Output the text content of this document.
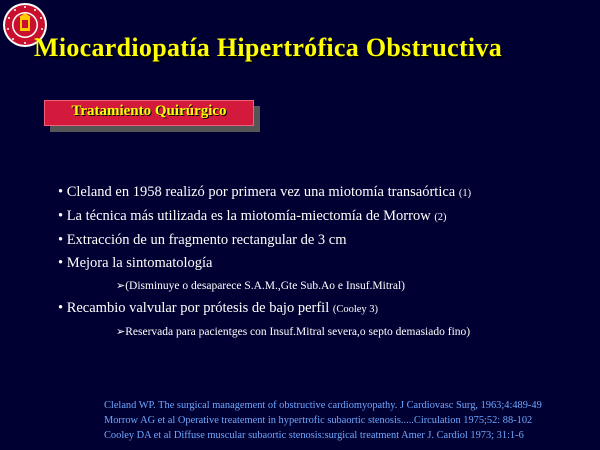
Miocardiopatía Hipertrófica Obstructiva
Tratamiento Quirúrgico
• Cleland en 1958 realizó por primera vez una miotomía transaórtica (1)
• La técnica más utilizada es la miotomía-miectomía de Morrow (2)
• Extracción de un fragmento rectangular de 3 cm
• Mejora la sintomatología
➢(Disminuye o desaparece S.A.M.,Gte Sub.Ao e Insuf.Mitral)
• Recambio valvular por prótesis de bajo perfil (Cooley 3)
➢Reservada para pacientges con Insuf.Mitral severa,o septo demasiado fino)
Cleland WP. The surgical management of obstructive cardiomyopathy. J Cardiovasc Surg, 1963;4:489-49
Morrow AG et al Operative treatement in hypertrofic subaortic stenosis.....Circulation 1975;52: 88-102
Cooley DA et al Diffuse muscular subaortic stenosis:surgical treatment Amer J. Cardiol 1973; 31:1-6
